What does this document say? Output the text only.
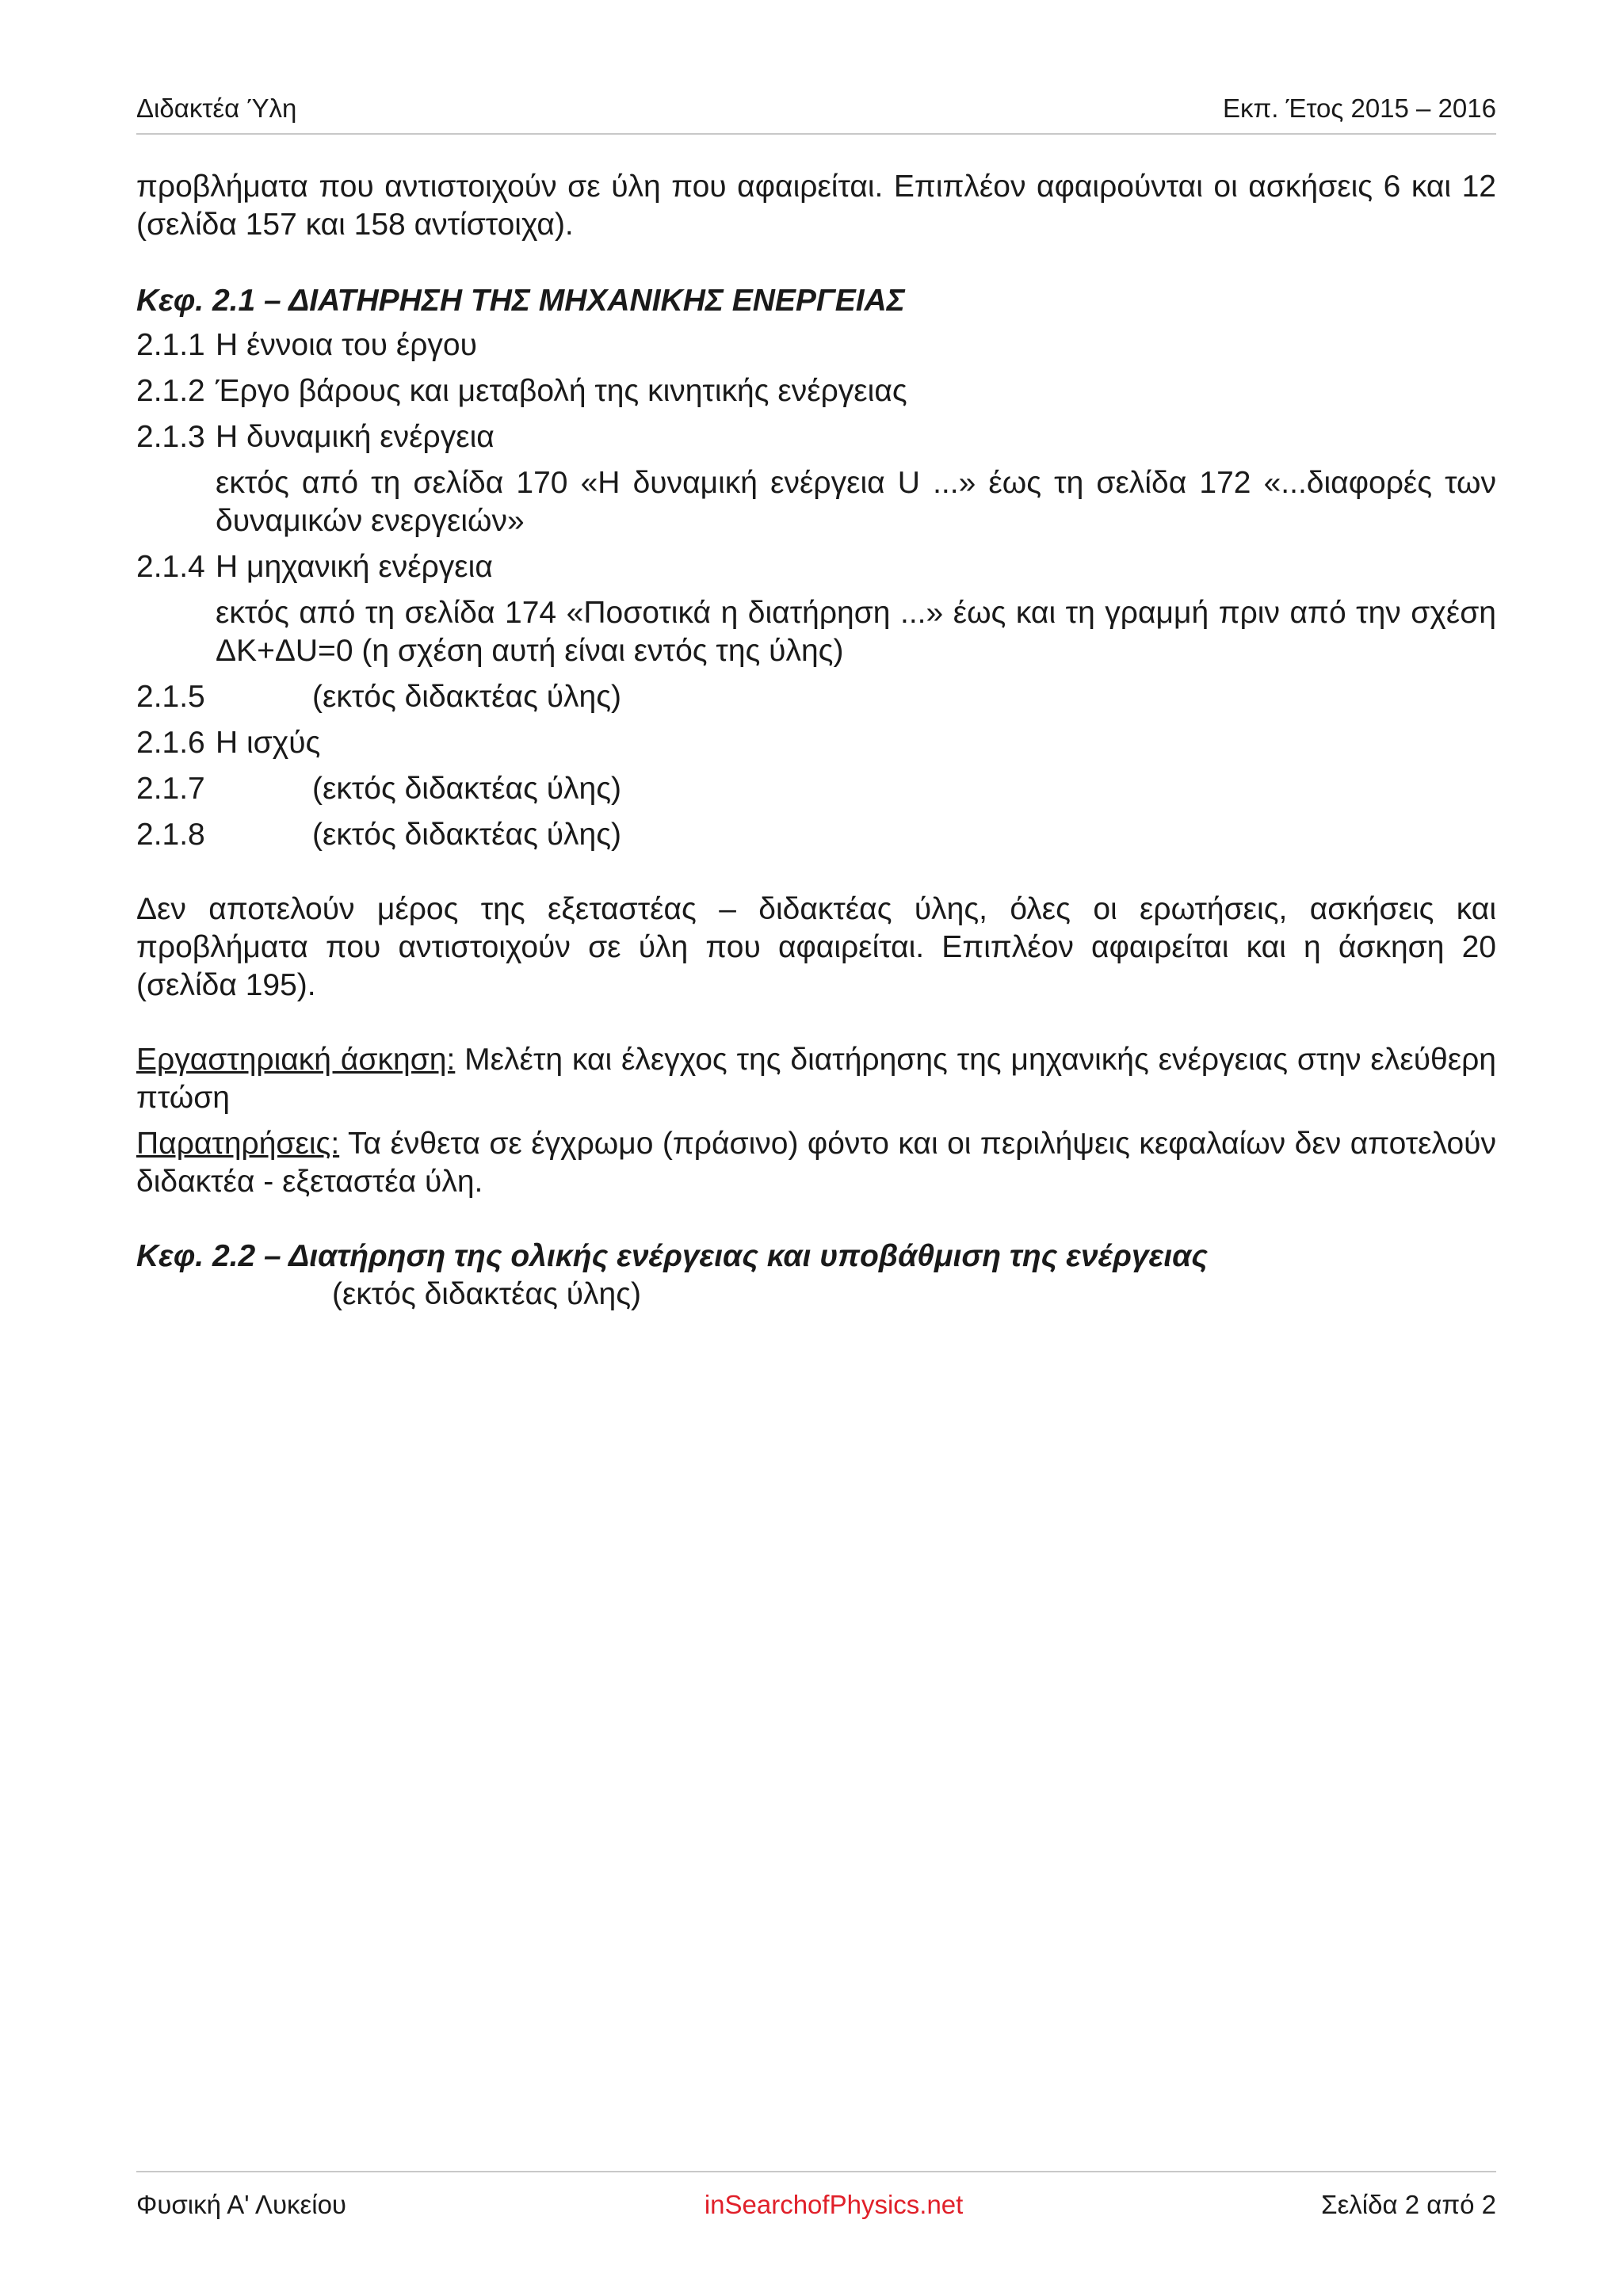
Διδακτέα Ύλη	Εκπ. Έτος 2015 – 2016

προβλήματα που αντιστοιχούν σε ύλη που αφαιρείται. Επιπλέον αφαιρούνται οι ασκήσεις 6 και 12 (σελίδα 157 και 158 αντίστοιχα).

Κεφ. 2.1 – ΔΙΑΤΗΡΗΣΗ ΤΗΣ ΜΗΧΑΝΙΚΗΣ ΕΝΕΡΓΕΙΑΣ

2.1.1 Η έννοια του έργου
2.1.2 Έργο βάρους και μεταβολή της κινητικής ενέργειας
2.1.3 Η δυναμική ενέργεια

εκτός από τη σελίδα 170 «Η δυναμική ενέργεια U ...» έως τη σελίδα 172 «...διαφορές των δυναμικών ενεργειών»

2.1.4 Η μηχανική ενέργεια

εκτός από τη σελίδα 174 «Ποσοτικά η διατήρηση ...» έως και τη γραμμή πριν από την σχέση ΔΚ+ΔU=0 (η σχέση αυτή είναι εντός της ύλης)

2.1.5	(εκτός διδακτέας ύλης)
2.1.6 Η ισχύς
2.1.7	(εκτός διδακτέας ύλης)
2.1.8	(εκτός διδακτέας ύλης)

Δεν αποτελούν μέρος της εξεταστέας – διδακτέας ύλης, όλες οι ερωτήσεις, ασκήσεις και προβλήματα που αντιστοιχούν σε ύλη που αφαιρείται. Επιπλέον αφαιρείται και η άσκηση 20 (σελίδα 195).

Εργαστηριακή άσκηση: Μελέτη και έλεγχος της διατήρησης της μηχανικής ενέργειας στην ελεύθερη πτώση

Παρατηρήσεις: Τα ένθετα σε έγχρωμο (πράσινο) φόντο και οι περιλήψεις κεφαλαίων δεν αποτελούν διδακτέα - εξεταστέα ύλη.

Κεφ. 2.2 – Διατήρηση της ολικής ενέργειας και υποβάθμιση της ενέργειας

(εκτός διδακτέας ύλης)

Φυσική Α' Λυκείου	inSearchofPhysics.net	Σελίδα 2 από 2
